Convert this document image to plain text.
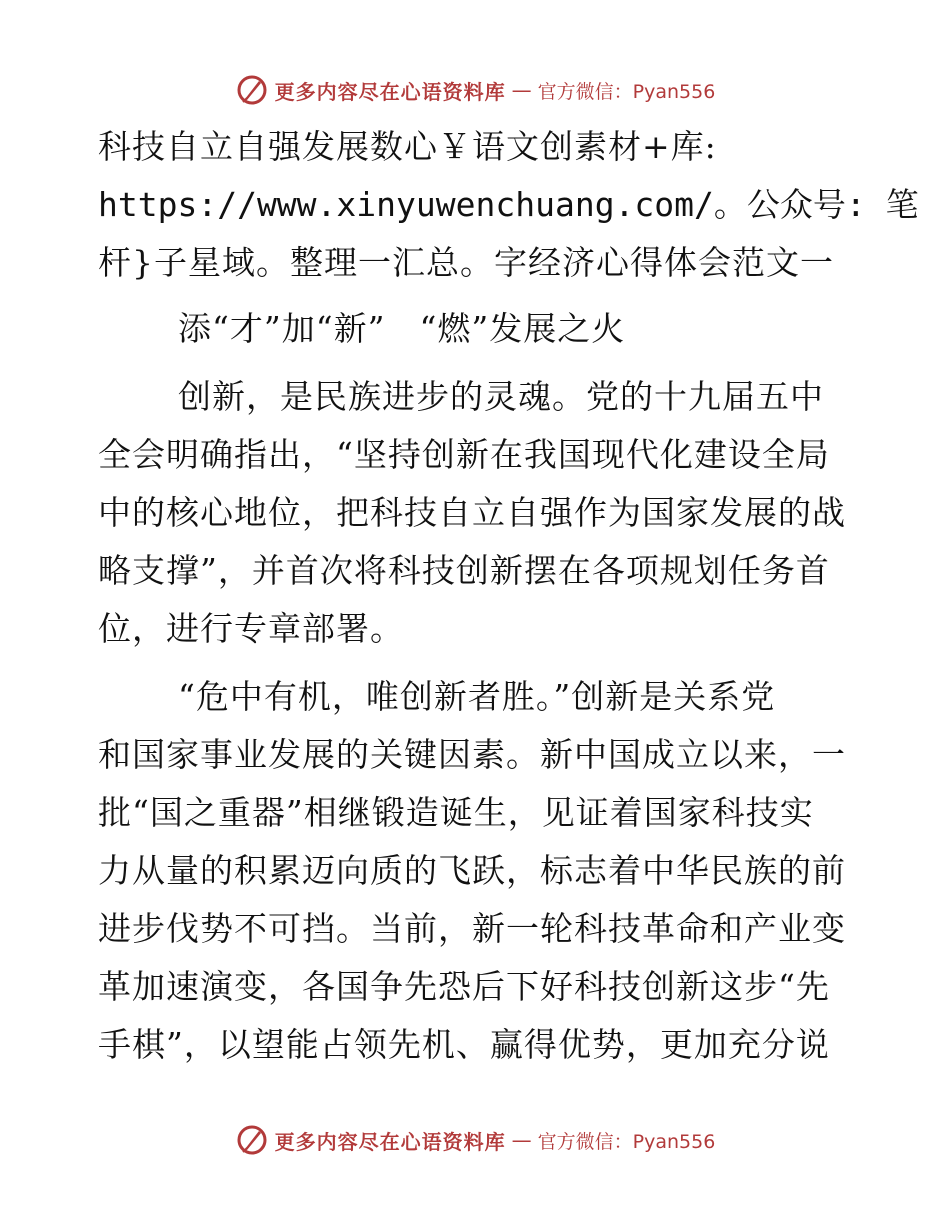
更多内容尽在心语资料库 — 官方微信：Pyan556
科技自立自强发展数心￥语文创素材+库:
https://www.xinyuwenchuang.com/。公众号: 笔
杆}子星域。整理一汇总。字经济心得体会范文一
添“才”加“新”　“燃”发展之火
创新，是民族进步的灵魂。党的十九届五中
全会明确指出，“坚持创新在我国现代化建设全局
中的核心地位，把科技自立自强作为国家发展的战
略支撑”，并首次将科技创新摆在各项规划任务首
位，进行专章部署。
“危中有机，唯创新者胜。”创新是关系党
和国家事业发展的关键因素。新中国成立以来，一
批“国之重器”相继锻造诞生，见证着国家科技实
力从量的积累迈向质的飞跃，标志着中华民族的前
进步伐势不可挡。当前，新一轮科技革命和产业变
革加速演变，各国争先恐后下好科技创新这步“先
手棋”，以望能占领先机、赢得优势，更加充分说
更多内容尽在心语资料库 — 官方微信：Pyan556
